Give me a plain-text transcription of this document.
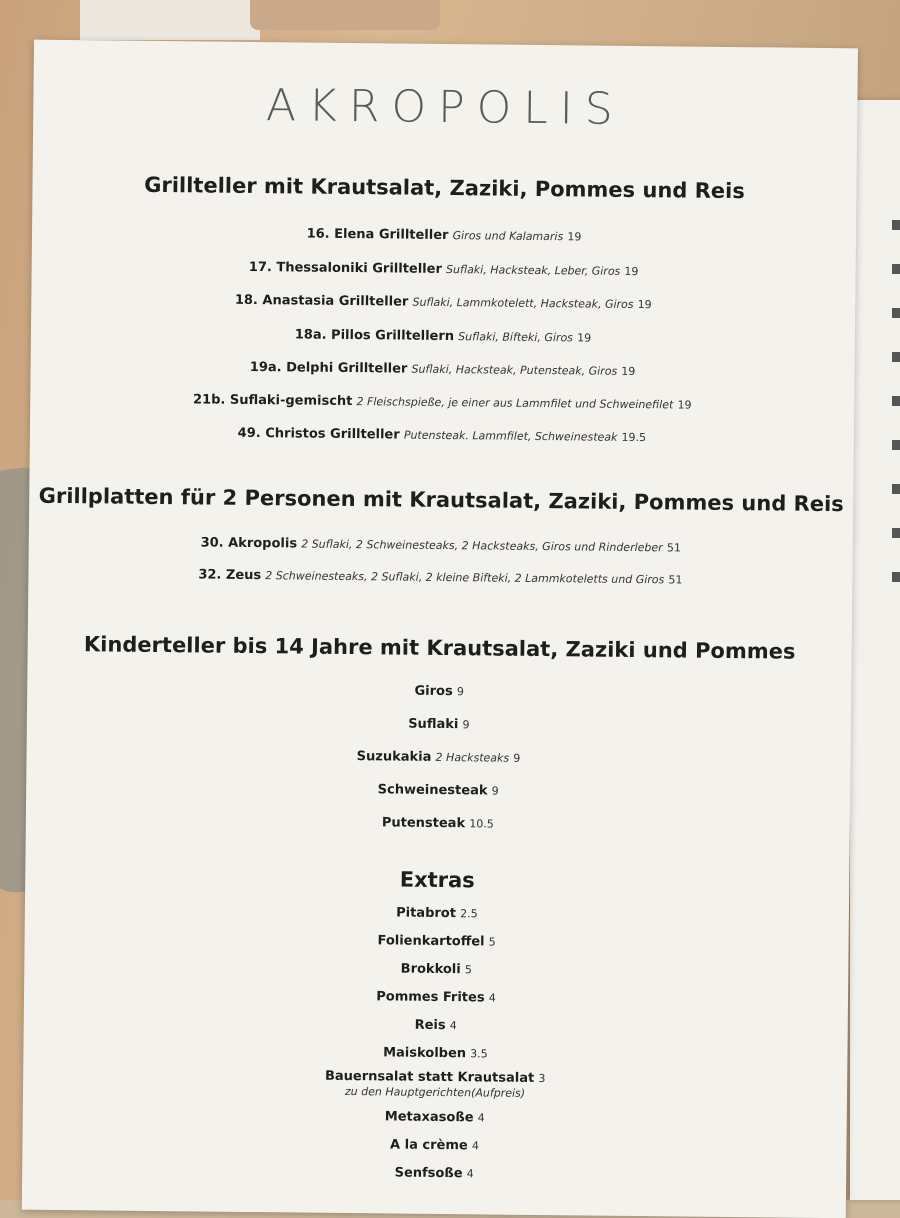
AKROPOLIS
Grillteller mit Krautsalat, Zaziki, Pommes und Reis
16. Elena Grillteller Giros und Kalamaris 19
17. Thessaloniki Grillteller Suflaki, Hacksteak, Leber, Giros 19
18. Anastasia Grillteller Suflaki, Lammkotelett, Hacksteak, Giros 19
18a. Pillos Grilltellern Suflaki, Bifteki, Giros 19
19a. Delphi Grillteller Suflaki, Hacksteak, Putensteak, Giros 19
21b. Suflaki-gemischt 2 Fleischspieße, je einer aus Lammfilet und Schweinefilet 19
49. Christos Grillteller Putensteak. Lammfilet, Schweinesteak 19.5
Grillplatten für 2 Personen mit Krautsalat, Zaziki, Pommes und Reis
30. Akropolis 2 Suflaki, 2 Schweinesteaks, 2 Hacksteaks, Giros und Rinderleber 51
32. Zeus 2 Schweinesteaks, 2 Suflaki, 2 kleine Bifteki, 2 Lammkoteletts und Giros 51
Kinderteller bis 14 Jahre mit Krautsalat, Zaziki und Pommes
Giros 9
Suflaki 9
Suzukakia 2 Hacksteaks 9
Schweinesteak 9
Putensteak 10.5
Extras
Pitabrot 2.5
Folienkartoffel 5
Brokkoli 5
Pommes Frites 4
Reis 4
Maiskolben 3.5
Bauernsalat statt Krautsalat 3
zu den Hauptgerichten(Aufpreis)
Metaxasoße 4
A la crème 4
Senfsoße 4
